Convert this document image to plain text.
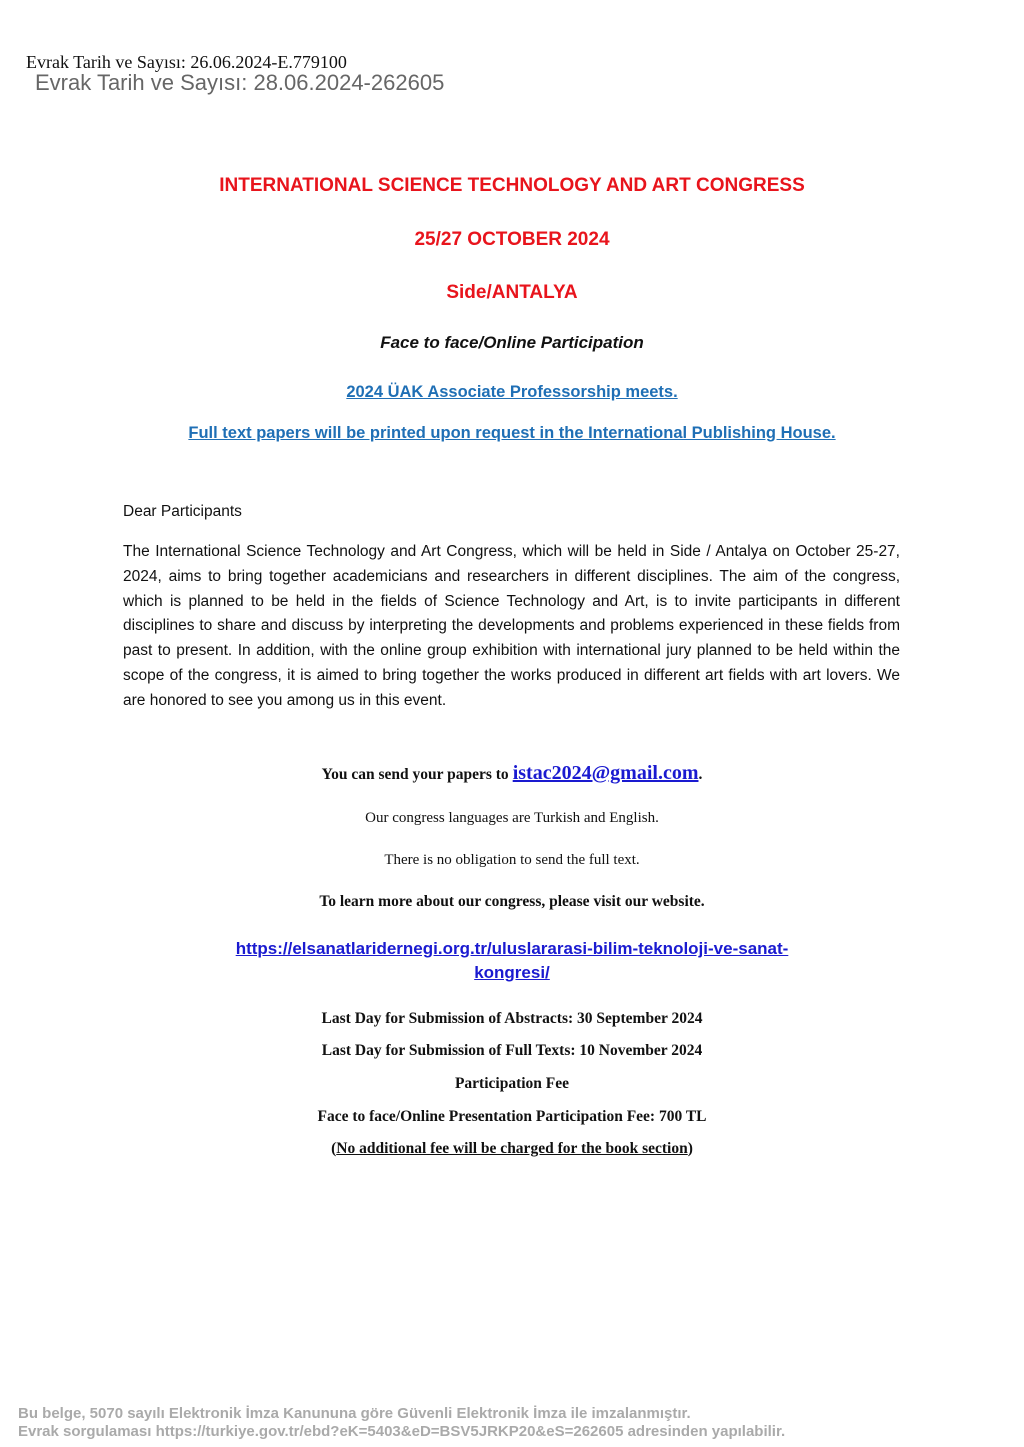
Evrak Tarih ve Sayısı: 26.06.2024-E.779100
Evrak Tarih ve Sayısı: 28.06.2024-262605
INTERNATIONAL SCIENCE TECHNOLOGY AND ART CONGRESS
25/27 OCTOBER 2024
Side/ANTALYA
Face to face/Online Participation
2024 ÜAK Associate Professorship meets.
Full text papers will be printed upon request in the International Publishing House.
Dear Participants
The International Science Technology and Art Congress, which will be held in Side / Antalya on October 25-27, 2024, aims to bring together academicians and researchers in different disciplines. The aim of the congress, which is planned to be held in the fields of Science Technology and Art, is to invite participants in different disciplines to share and discuss by interpreting the developments and problems experienced in these fields from past to present. In addition, with the online group exhibition with international jury planned to be held within the scope of the congress, it is aimed to bring together the works produced in different art fields with art lovers. We are honored to see you among us in this event.
You can send your papers to istac2024@gmail.com.
Our congress languages are Turkish and English.
There is no obligation to send the full text.
To learn more about our congress, please visit our website.
https://elsanatlaridernegi.org.tr/uluslararasi-bilim-teknoloji-ve-sanat-
kongresi/
Last Day for Submission of Abstracts: 30 September 2024
Last Day for Submission of Full Texts: 10 November 2024
Participation Fee
Face to face/Online Presentation Participation Fee: 700 TL
(No additional fee will be charged for the book section)
Bu belge, 5070 sayılı Elektronik İmza Kanununa göre Güvenli Elektronik İmza ile imzalanmıştır.
Evrak sorgulaması https://turkiye.gov.tr/ebd?eK=5403&eD=BSV5JRKP20&eS=262605 adresinden yapılabilir.
